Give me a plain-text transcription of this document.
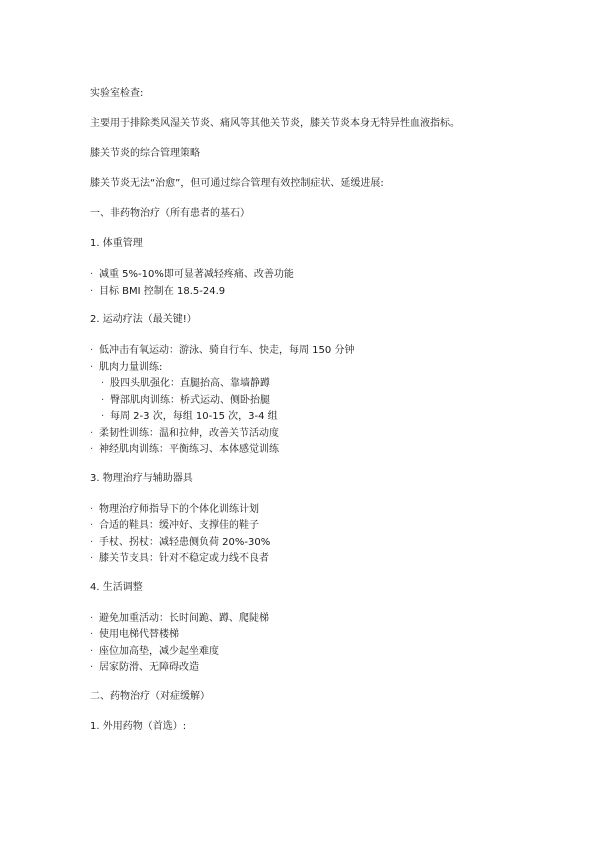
实验室检查:

主要用于排除类风湿关节炎、痛风等其他关节炎，膝关节炎本身无特异性血液指标。

膝关节炎的综合管理策略

膝关节炎无法“治愈”，但可通过综合管理有效控制症状、延缓进展:

一、非药物治疗（所有患者的基石）

1. 体重管理

· 减重 5%-10%即可显著减轻疼痛、改善功能
· 目标 BMI 控制在 18.5-24.9

2. 运动疗法（最关键!）

· 低冲击有氧运动：游泳、骑自行车、快走，每周 150 分钟
· 肌肉力量训练:
· 股四头肌强化：直腿抬高、靠墙静蹲
· 臀部肌肉训练：桥式运动、侧卧抬腿
· 每周 2-3 次，每组 10-15 次，3-4 组
· 柔韧性训练：温和拉伸，改善关节活动度
· 神经肌肉训练：平衡练习、本体感觉训练

3. 物理治疗与辅助器具

· 物理治疗师指导下的个体化训练计划
· 合适的鞋具：缓冲好、支撑佳的鞋子
· 手杖、拐杖：减轻患侧负荷 20%-30%
· 膝关节支具：针对不稳定或力线不良者

4. 生活调整

· 避免加重活动：长时间跪、蹲、爬陡梯
· 使用电梯代替楼梯
· 座位加高垫，减少起坐难度
· 居家防滑、无障碍改造

二、药物治疗（对症缓解）

1. 外用药物（首选）:
